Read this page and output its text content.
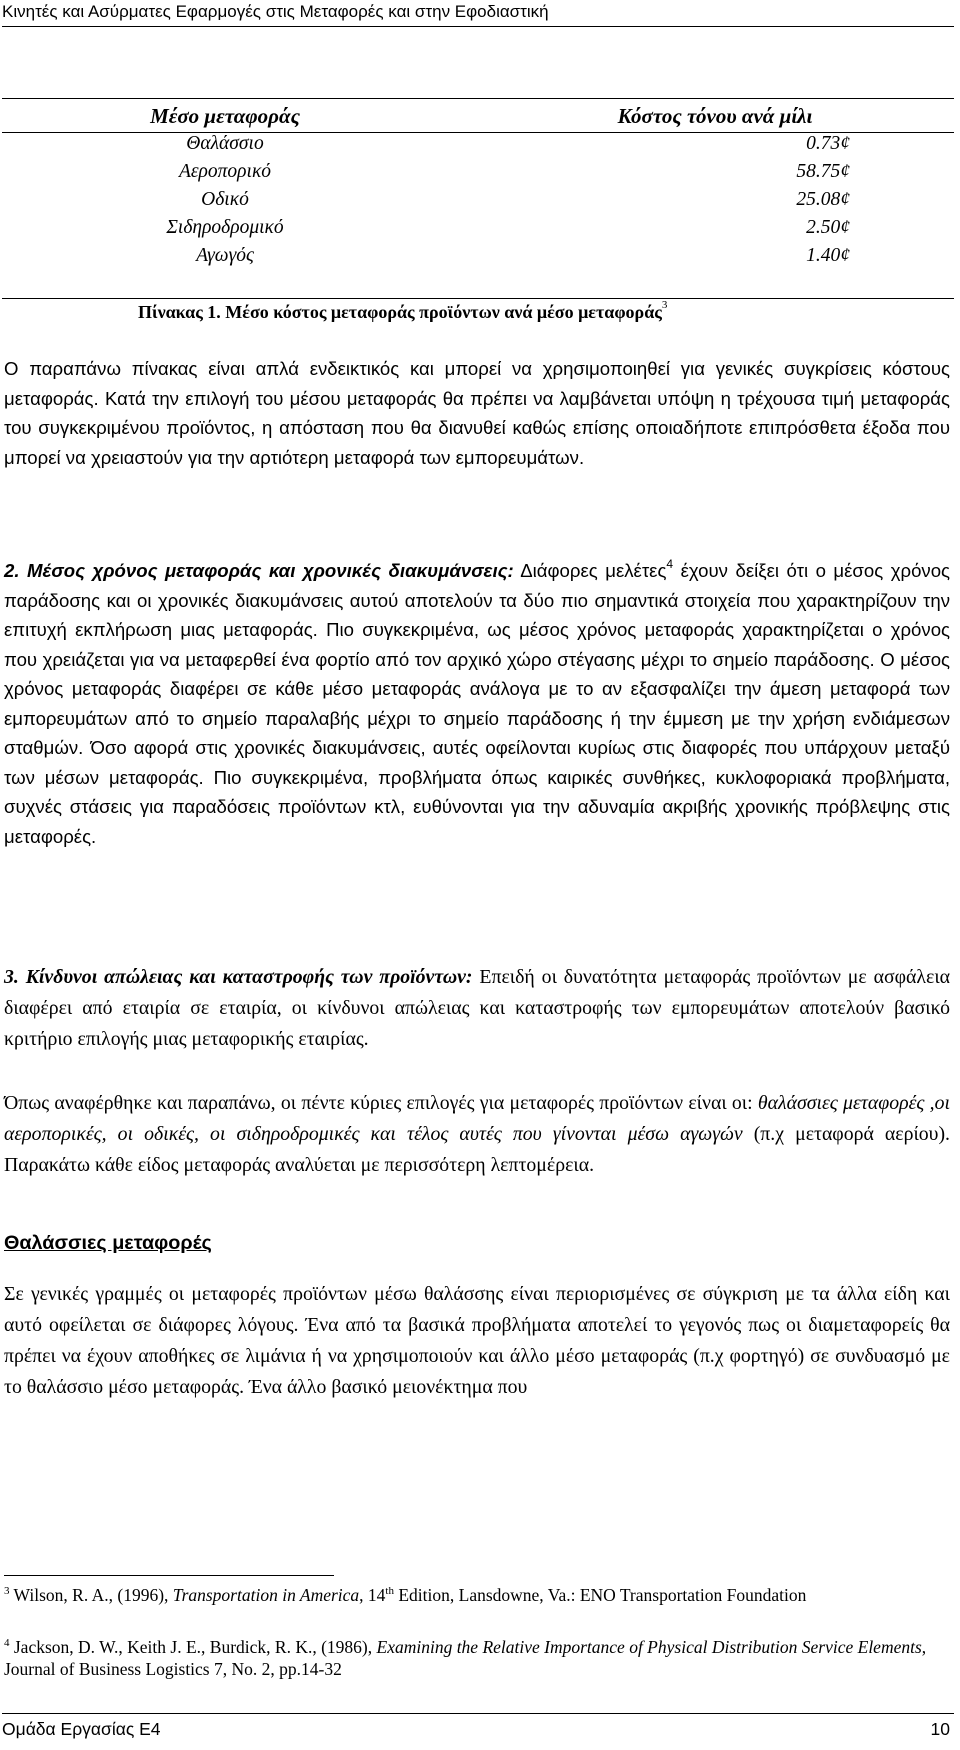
Κινητές και Ασύρματες Εφαρμογές στις Μεταφορές και στην Εφοδιαστική
Μέσο μεταφοράς	Κόστος τόνου ανά μίλι
Θαλάσσιο	0.73¢
Αεροπορικό	58.75¢
Οδικό	25.08¢
Σιδηροδρομικό	2.50¢
Αγωγός	1.40¢
Πίνακας 1. Μέσο κόστος μεταφοράς προϊόντων ανά μέσο μεταφοράς$^3$
Ο παραπάνω πίνακας είναι απλά ενδεικτικός και μπορεί να χρησιμοποιηθεί για γενικές συγκρίσεις κόστους μεταφοράς. Κατά την επιλογή του μέσου μεταφοράς θα πρέπει να λαμβάνεται υπόψη η τρέχουσα τιμή μεταφοράς του συγκεκριμένου προϊόντος, η απόσταση που θα διανυθεί καθώς επίσης οποιαδήποτε επιπρόσθετα έξοδα που μπορεί να χρειαστούν για την αρτιότερη μεταφορά των εμπορευμάτων.
2. Μέσος χρόνος μεταφοράς και χρονικές διακυμάνσεις: Διάφορες μελέτες$^4$ έχουν δείξει ότι ο μέσος χρόνος παράδοσης και οι χρονικές διακυμάνσεις αυτού αποτελούν τα δύο πιο σημαντικά στοιχεία που χαρακτηρίζουν την επιτυχή εκπλήρωση μιας μεταφοράς. Πιο συγκεκριμένα, ως μέσος χρόνος μεταφοράς χαρακτηρίζεται ο χρόνος που χρειάζεται για να μεταφερθεί ένα φορτίο από τον αρχικό χώρο στέγασης μέχρι το σημείο παράδοσης. Ο μέσος χρόνος μεταφοράς διαφέρει σε κάθε μέσο μεταφοράς ανάλογα με το αν εξασφαλίζει την άμεση μεταφορά των εμπορευμάτων από το σημείο παραλαβής μέχρι το σημείο παράδοσης ή την έμμεση με την χρήση ενδιάμεσων σταθμών. Όσο αφορά στις χρονικές διακυμάνσεις, αυτές οφείλονται κυρίως στις διαφορές που υπάρχουν μεταξύ των μέσων μεταφοράς. Πιο συγκεκριμένα, προβλήματα όπως καιρικές συνθήκες, κυκλοφοριακά προβλήματα, συχνές στάσεις για παραδόσεις προϊόντων κτλ, ευθύνονται για την αδυναμία ακριβής χρονικής πρόβλεψης στις μεταφορές.
3. Κίνδυνοι απώλειας και καταστροφής των προϊόντων: Επειδή οι δυνατότητα μεταφοράς προϊόντων με ασφάλεια διαφέρει από εταιρία σε εταιρία, οι κίνδυνοι απώλειας και καταστροφής των εμπορευμάτων αποτελούν βασικό κριτήριο επιλογής μιας μεταφορικής εταιρίας.
Όπως αναφέρθηκε και παραπάνω, οι πέντε κύριες επιλογές για μεταφορές προϊόντων είναι οι: θαλάσσιες μεταφορές ,οι αεροπορικές, οι οδικές, οι σιδηροδρομικές και τέλος αυτές που γίνονται μέσω αγωγών (π.χ μεταφορά αερίου). Παρακάτω κάθε είδος μεταφοράς αναλύεται με περισσότερη λεπτομέρεια.
Θαλάσσιες μεταφορές
Σε γενικές γραμμές οι μεταφορές προϊόντων μέσω θαλάσσης είναι περιορισμένες σε σύγκριση με τα άλλα είδη και αυτό οφείλεται σε διάφορες λόγους. Ένα από τα βασικά προβλήματα αποτελεί το γεγονός πως οι διαμεταφορείς θα πρέπει να έχουν αποθήκες σε λιμάνια ή να χρησιμοποιούν και άλλο μέσο μεταφοράς (π.χ φορτηγό) σε συνδυασμό με το θαλάσσιο μέσο μεταφοράς. Ένα άλλο βασικό μειονέκτημα που
$^3$ Wilson, R. A., (1996), Transportation in America, 14th Edition, Lansdowne, Va.: ENO Transportation Foundation
$^4$ Jackson, D. W., Keith J. E., Burdick, R. K., (1986), Examining the Relative Importance of Physical Distribution Service Elements, Journal of Business Logistics 7, No. 2, pp.14-32
Ομάδα Εργασίας Ε4	10
